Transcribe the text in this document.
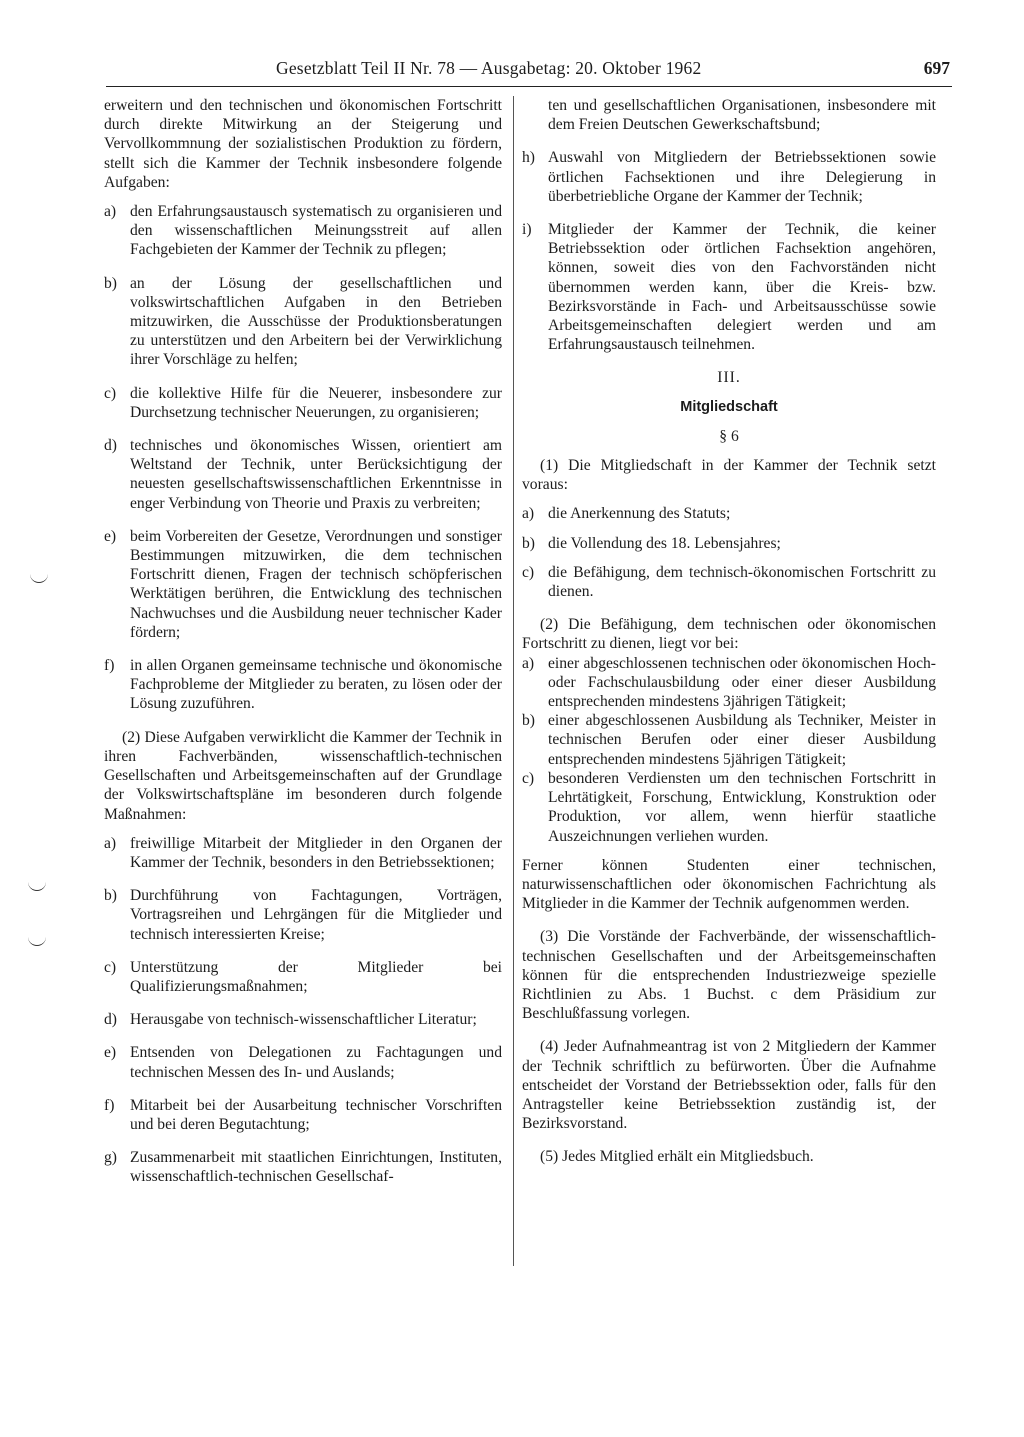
Gesetzblatt Teil II Nr. 78 — Ausgabetag: 20. Oktober 1962	697

erweitern und den technischen und ökonomischen Fortschritt durch direkte Mitwirkung an der Steigerung und Vervollkommnung der sozialistischen Produktion zu fördern, stellt sich die Kammer der Technik insbesondere folgende Aufgaben:

a) den Erfahrungsaustausch systematisch zu organisieren und den wissenschaftlichen Meinungsstreit auf allen Fachgebieten der Kammer der Technik zu pflegen;
b) an der Lösung der gesellschaftlichen und volkswirtschaftlichen Aufgaben in den Betrieben mitzuwirken, die Ausschüsse der Produktionsberatungen zu unterstützen und den Arbeitern bei der Verwirklichung ihrer Vorschläge zu helfen;
c) die kollektive Hilfe für die Neuerer, insbesondere zur Durchsetzung technischer Neuerungen, zu organisieren;
d) technisches und ökonomisches Wissen, orientiert am Weltstand der Technik, unter Berücksichtigung der neuesten gesellschaftswissenschaftlichen Erkenntnisse in enger Verbindung von Theorie und Praxis zu verbreiten;
e) beim Vorbereiten der Gesetze, Verordnungen und sonstiger Bestimmungen mitzuwirken, die dem technischen Fortschritt dienen, Fragen der technisch schöpferischen Werktätigen berühren, die Entwicklung des technischen Nachwuchses und die Ausbildung neuer technischer Kader fördern;
f) in allen Organen gemeinsame technische und ökonomische Fachprobleme der Mitglieder zu beraten, zu lösen oder der Lösung zuzuführen.

(2) Diese Aufgaben verwirklicht die Kammer der Technik in ihren Fachverbänden, wissenschaftlich-technischen Gesellschaften und Arbeitsgemeinschaften auf der Grundlage der Volkswirtschaftspläne im besonderen durch folgende Maßnahmen:

a) freiwillige Mitarbeit der Mitglieder in den Organen der Kammer der Technik, besonders in den Betriebssektionen;
b) Durchführung von Fachtagungen, Vorträgen, Vortragsreihen und Lehrgängen für die Mitglieder und technisch interessierten Kreise;
c) Unterstützung der Mitglieder bei Qualifizierungsmaßnahmen;
d) Herausgabe von technisch-wissenschaftlicher Literatur;
e) Entsenden von Delegationen zu Fachtagungen und technischen Messen des In- und Auslands;
f) Mitarbeit bei der Ausarbeitung technischer Vorschriften und bei deren Begutachtung;
g) Zusammenarbeit mit staatlichen Einrichtungen, Instituten, wissenschaftlich-technischen Gesellschaf-
ten und gesellschaftlichen Organisationen, insbesondere mit dem Freien Deutschen Gewerkschaftsbund;
h) Auswahl von Mitgliedern der Betriebssektionen sowie örtlichen Fachsektionen und ihre Delegierung in überbetriebliche Organe der Kammer der Technik;
i) Mitglieder der Kammer der Technik, die keiner Betriebssektion oder örtlichen Fachsektion angehören, können, soweit dies von den Fachvorständen nicht übernommen werden kann, über die Kreis- bzw. Bezirksvorstände in Fach- und Arbeitsausschüsse sowie Arbeitsgemeinschaften delegiert werden und am Erfahrungsaustausch teilnehmen.

III.

Mitgliedschaft

§ 6

(1) Die Mitgliedschaft in der Kammer der Technik setzt voraus:

a) die Anerkennung des Statuts;
b) die Vollendung des 18. Lebensjahres;
c) die Befähigung, dem technisch-ökonomischen Fortschritt zu dienen.

(2) Die Befähigung, dem technischen oder ökonomischen Fortschritt zu dienen, liegt vor bei:

a) einer abgeschlossenen technischen oder ökonomischen Hoch- oder Fachschulausbildung oder einer dieser Ausbildung entsprechenden mindestens 3jährigen Tätigkeit;
b) einer abgeschlossenen Ausbildung als Techniker, Meister in technischen Berufen oder einer dieser Ausbildung entsprechenden mindestens 5jährigen Tätigkeit;
c) besonderen Verdiensten um den technischen Fortschritt in Lehrtätigkeit, Forschung, Entwicklung, Konstruktion oder Produktion, vor allem, wenn hierfür staatliche Auszeichnungen verliehen wurden.

Ferner können Studenten einer technischen, naturwissenschaftlichen oder ökonomischen Fachrichtung als Mitglieder in die Kammer der Technik aufgenommen werden.

(3) Die Vorstände der Fachverbände, der wissenschaftlich-technischen Gesellschaften und der Arbeitsgemeinschaften können für die entsprechenden Industriezweige spezielle Richtlinien zu Abs. 1 Buchst. c dem Präsidium zur Beschlußfassung vorlegen.

(4) Jeder Aufnahmeantrag ist von 2 Mitgliedern der Kammer der Technik schriftlich zu befürworten. Über die Aufnahme entscheidet der Vorstand der Betriebssektion oder, falls für den Antragsteller keine Betriebssektion zuständig ist, der Bezirksvorstand.

(5) Jedes Mitglied erhält ein Mitgliedsbuch.
